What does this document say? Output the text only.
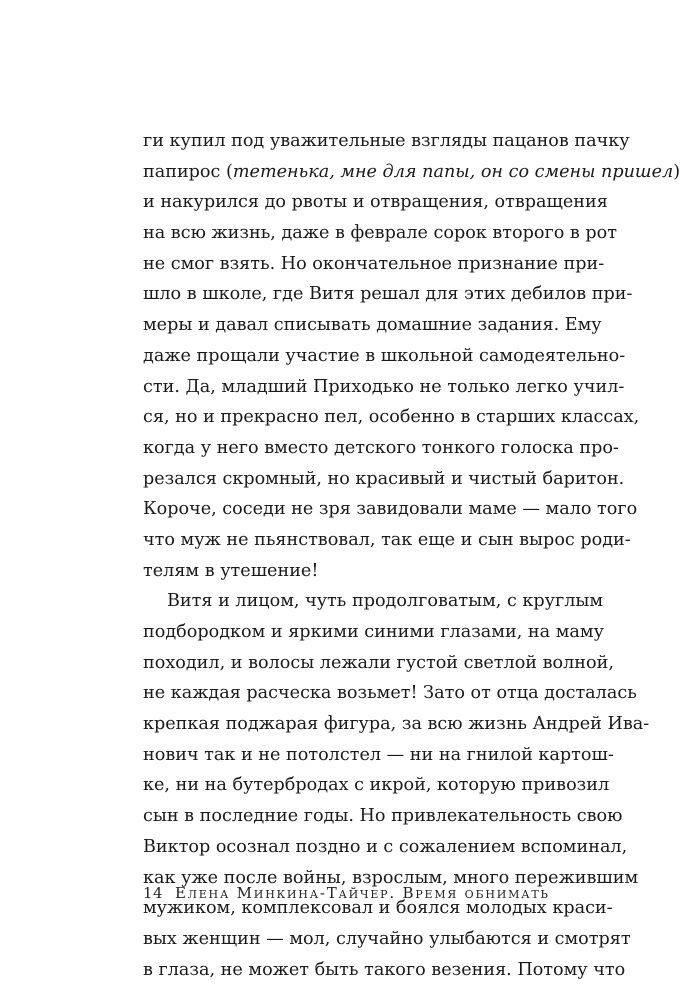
ги купил под уважительные взгляды пацанов пачку
папирос (тетенька, мне для папы, он со смены пришел)
и накурился до рвоты и отвращения, отвращения
на всю жизнь, даже в феврале сорок второго в рот
не смог взять. Но окончательное признание при-
шло в школе, где Витя решал для этих дебилов при-
меры и давал списывать домашние задания. Ему
даже прощали участие в школьной самодеятельно-
сти. Да, младший Приходько не только легко учил-
ся, но и прекрасно пел, особенно в старших классах,
когда у него вместо детского тонкого голоска про-
резался скромный, но красивый и чистый баритон.
Короче, соседи не зря завидовали маме — мало того
что муж не пьянствовал, так еще и сын вырос роди-
телям в утешение!
Витя и лицом, чуть продолговатым, с круглым
подбородком и яркими синими глазами, на маму
походил, и волосы лежали густой светлой волной,
не каждая расческа возьмет! Зато от отца досталась
крепкая поджарая фигура, за всю жизнь Андрей Ива-
нович так и не потолстел — ни на гнилой картош-
ке, ни на бутербродах с икрой, которую привозил
сын в последние годы. Но привлекательность свою
Виктор осознал поздно и с сожалением вспоминал,
как уже после войны, взрослым, много пережившим
мужиком, комплексовал и боялся молодых краси-
вых женщин — мол, случайно улыбаются и смотрят
в глаза, не может быть такого везения. Потому что
14 Елена Минкина-Тайчер. Время обнимать
